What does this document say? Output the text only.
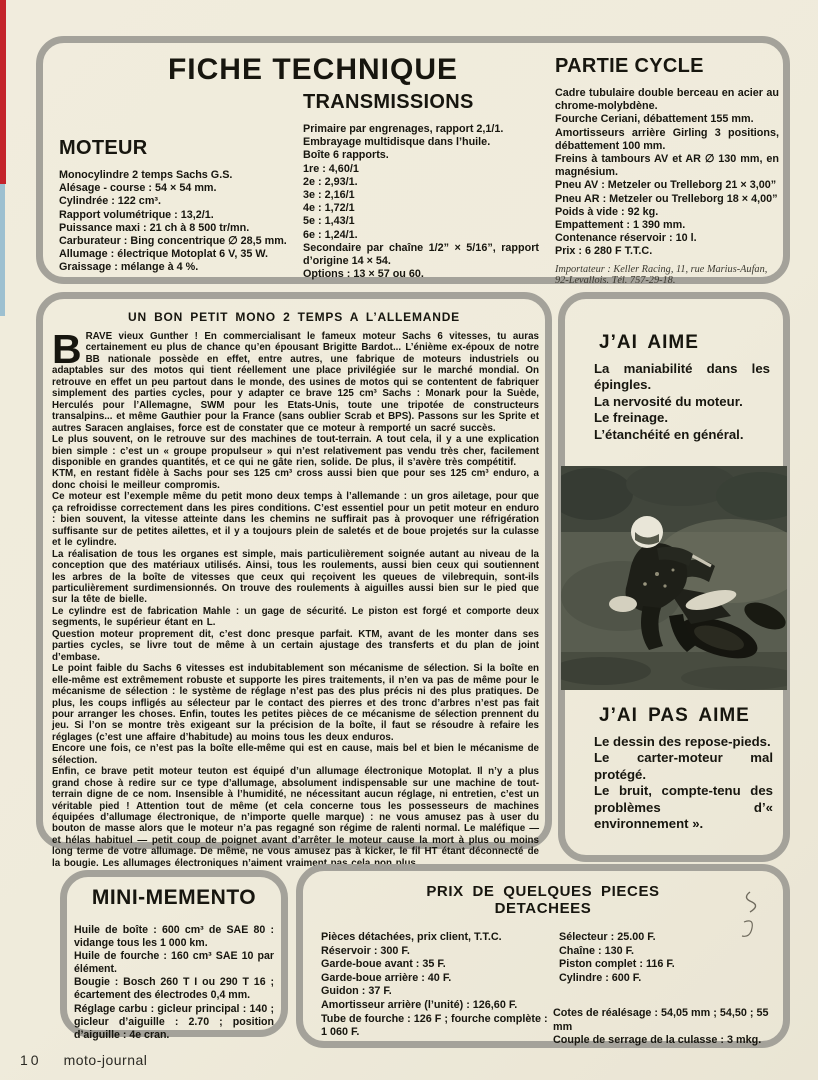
FICHE TECHNIQUE
MOTEUR
Monocylindre 2 temps Sachs G.S.
Alésage - course : 54 × 54 mm.
Cylindrée : 122 cm³.
Rapport volumétrique : 13,2/1.
Puissance maxi : 21 ch à 8 500 tr/mn.
Carburateur : Bing concentrique ∅ 28,5 mm.
Allumage : électrique Motoplat 6 V, 35 W.
Graissage : mélange à 4 %.
TRANSMISSIONS
Primaire par engrenages, rapport 2,1/1.
Embrayage multidisque dans l’huile.
Boîte 6 rapports.
1re : 4,60/1
2e : 2,93/1.
3e : 2,16/1
4e : 1,72/1
5e : 1,43/1
6e : 1,24/1.
Secondaire par chaîne 1/2” × 5/16”, rapport d’origine 14 × 54.
Options : 13 × 57 ou 60.
PARTIE CYCLE
Cadre tubulaire double berceau en acier au chrome-molybdène.
Fourche Ceriani, débattement 155 mm.
Amortisseurs arrière Girling 3 positions, débattement 100 mm.
Freins à tambours AV et AR ∅ 130 mm, en magnésium.
Pneu AV : Metzeler ou Trelleborg 21 × 3,00”
Pneu AR : Metzeler ou Trelleborg 18 × 4,00”
Poids à vide : 92 kg.
Empattement : 1 390 mm.
Contenance réservoir : 10 l.
Prix : 6 280 F T.T.C.
Importateur : Keller Racing, 11, rue Marius-Aufan, 92-Levallois. Tél. 757-29-18.
UN BON PETIT MONO 2 TEMPS A L’ALLEMANDE

BRAVE vieux Gunther ! En commercialisant le fameux moteur Sachs 6 vitesses, tu auras certainement eu plus de chance qu’en épousant Brigitte Bardot... L’énième ex-époux de notre BB nationale possède en effet, entre autres, une fabrique de moteurs industriels ou adaptables sur des motos qui tient réellement une place privilégiée sur le marché mondial. On retrouve en effet un peu partout dans le monde, des usines de motos qui se contentent de fabriquer simplement des parties cycles, pour y adapter ce brave 125 cm³ Sachs : Monark pour la Suède, Herculés pour l’Allemagne, SWM pour les Etats-Unis, toute une tripotée de constructeurs transalpins... et même Gauthier pour la France (sans oublier Scrab et BPS). Passons sur les Sprite et autres Saracen anglaises, force est de constater que ce moteur à remporté un sacré succès.

Le plus souvent, on le retrouve sur des machines de tout-terrain. A tout cela, il y a une explication bien simple : c’est un « groupe propulseur » qui n’est relativement pas vendu très cher, facilement disponible en grandes quantités, et ce qui ne gâte rien, solide. De plus, il s’avère très compétitif.

KTM, en restant fidèle à Sachs pour ses 125 cm³ cross aussi bien que pour ses 125 cm³ enduro, a donc choisi le meilleur compromis.

Ce moteur est l’exemple même du petit mono deux temps à l’allemande : un gros ailetage, pour que ça refroidisse correctement dans les pires conditions. C’est essentiel pour un petit moteur en enduro : bien souvent, la vitesse atteinte dans les chemins ne suffirait pas à provoquer une réfrigération suffisante sur de petites ailettes, et il y a toujours plein de saletés et de boue projetés sur la culasse et le cylindre.

La réalisation de tous les organes est simple, mais particulièrement soignée autant au niveau de la conception que des matériaux utilisés. Ainsi, tous les roulements, aussi bien ceux qui soutiennent les arbres de la boîte de vitesses que ceux qui reçoivent les queues de vilebrequin, sont-ils particulièrement surdimensionnés. On trouve des roulements à aiguilles aussi bien sur le pied que sur la tête de bielle.

Le cylindre est de fabrication Mahle : un gage de sécurité. Le piston est forgé et comporte deux segments, le supérieur étant en L.

Question moteur proprement dit, c’est donc presque parfait. KTM, avant de les monter dans ses parties cycles, se livre tout de même à un certain ajustage des transferts et du plan de joint d’embase.

Le point faible du Sachs 6 vitesses est indubitablement son mécanisme de sélection. Si la boîte en elle-même est extrêmement robuste et supporte les pires traitements, il n’en va pas de même pour le mécanisme de sélection : le système de réglage n’est pas des plus précis ni des plus pratiques. De plus, les coups infligés au sélecteur par le contact des pierres et des tronc d’arbres n’est pas fait pour arranger les choses. Enfin, toutes les petites pièces de ce mécanisme de sélection prennent du jeu. Si l’on se montre très exigeant sur la précision de la boîte, il faut se résoudre à refaire les réglages (c’est une affaire d’habitude) au moins tous les deux enduros.

Encore une fois, ce n’est pas la boîte elle-même qui est en cause, mais bel et bien le mécanisme de sélection.

Enfin, ce brave petit moteur teuton est équipé d’un allumage électronique Motoplat. Il n’y a plus grand chose à redire sur ce type d’allumage, absolument indispensable sur une machine de tout-terrain digne de ce nom. Insensible à l’humidité, ne nécessitant aucun réglage, ni entretien, c’est un véritable pied ! Attention tout de même (et cela concerne tous les possesseurs de machines équipées d’allumage électronique, de n’importe quelle marque) : ne vous amusez pas à user du bouton de masse alors que le moteur n’a pas regagné son régime de ralenti normal. Le maléfique — et hélas habituel — petit coup de poignet avant d’arrêter le moteur cause la mort à plus ou moins long terme de votre allumage. De même, ne vous amusez pas à kicker, le fil HT étant déconnecté de la bougie. Les allumages électroniques n’aiment vraiment pas cela non plus...

J’AI AIME
La maniabilité dans les épingles.
La nervosité du moteur.
Le freinage.
L’étanchéité en général.
J’AI PAS AIME
Le dessin des repose-pieds.
Le carter-moteur mal protégé.
Le bruit, compte-tenu des problèmes d’« environnement ».
MINI-MEMENTO
Huile de boîte : 600 cm³ de SAE 80 : vidange tous les 1 000 km.
Huile de fourche : 160 cm³ SAE 10 par élément.
Bougie : Bosch 260 T I ou 290 T 16 ; écartement des électrodes 0,4 mm.
Réglage carbu : gicleur principal : 140 ; gicleur d’aiguille : 2.70 ; position d’aiguille : 4e cran.
PRIX DE QUELQUES PIECES
DETACHEES
Pièces détachées, prix client, T.T.C.
Réservoir : 300 F.
Garde-boue avant : 35 F.
Garde-boue arrière : 40 F.
Guidon : 37 F.
Amortisseur arrière (l’unité) : 126,60 F.
Tube de fourche : 126 F ; fourche complète : 1 060 F.
Sélecteur : 25.00 F.
Chaîne : 130 F.
Piston complet : 116 F.
Cylindre : 600 F.
Cotes de réalésage : 54,05 mm ; 54,50 ; 55 mm
Couple de serrage de la culasse : 3 mkg.
10 moto-journal
